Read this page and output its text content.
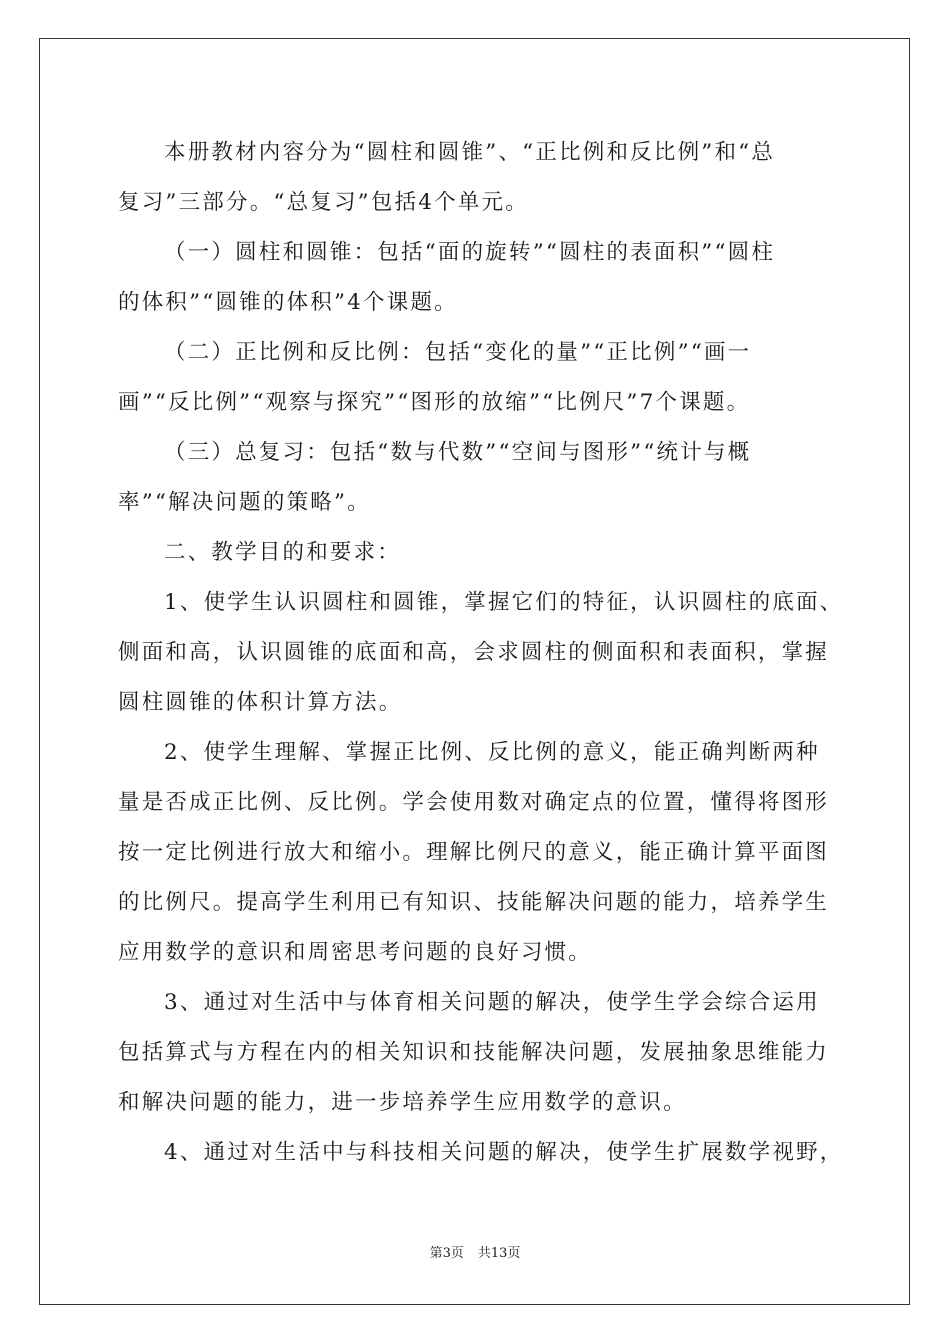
本册教材内容分为“圆柱和圆锥”、“正比例和反比例”和“总
复习”三部分。“总复习”包括4个单元。
（一）圆柱和圆锥：包括“面的旋转”“圆柱的表面积”“圆柱
的体积”“圆锥的体积”4个课题。
（二）正比例和反比例：包括“变化的量”“正比例”“画一
画”“反比例”“观察与探究”“图形的放缩”“比例尺”7个课题。
（三）总复习：包括“数与代数”“空间与图形”“统计与概
率”“解决问题的策略”。
二、教学目的和要求：
1、使学生认识圆柱和圆锥，掌握它们的特征，认识圆柱的底面、
侧面和高，认识圆锥的底面和高，会求圆柱的侧面积和表面积，掌握
圆柱圆锥的体积计算方法。
2、使学生理解、掌握正比例、反比例的意义，能正确判断两种
量是否成正比例、反比例。学会使用数对确定点的位置，懂得将图形
按一定比例进行放大和缩小。理解比例尺的意义，能正确计算平面图
的比例尺。提高学生利用已有知识、技能解决问题的能力，培养学生
应用数学的意识和周密思考问题的良好习惯。
3、通过对生活中与体育相关问题的解决，使学生学会综合运用
包括算式与方程在内的相关知识和技能解决问题，发展抽象思维能力
和解决问题的能力，进一步培养学生应用数学的意识。
4、通过对生活中与科技相关问题的解决，使学生扩展数学视野，
第3页 共13页
